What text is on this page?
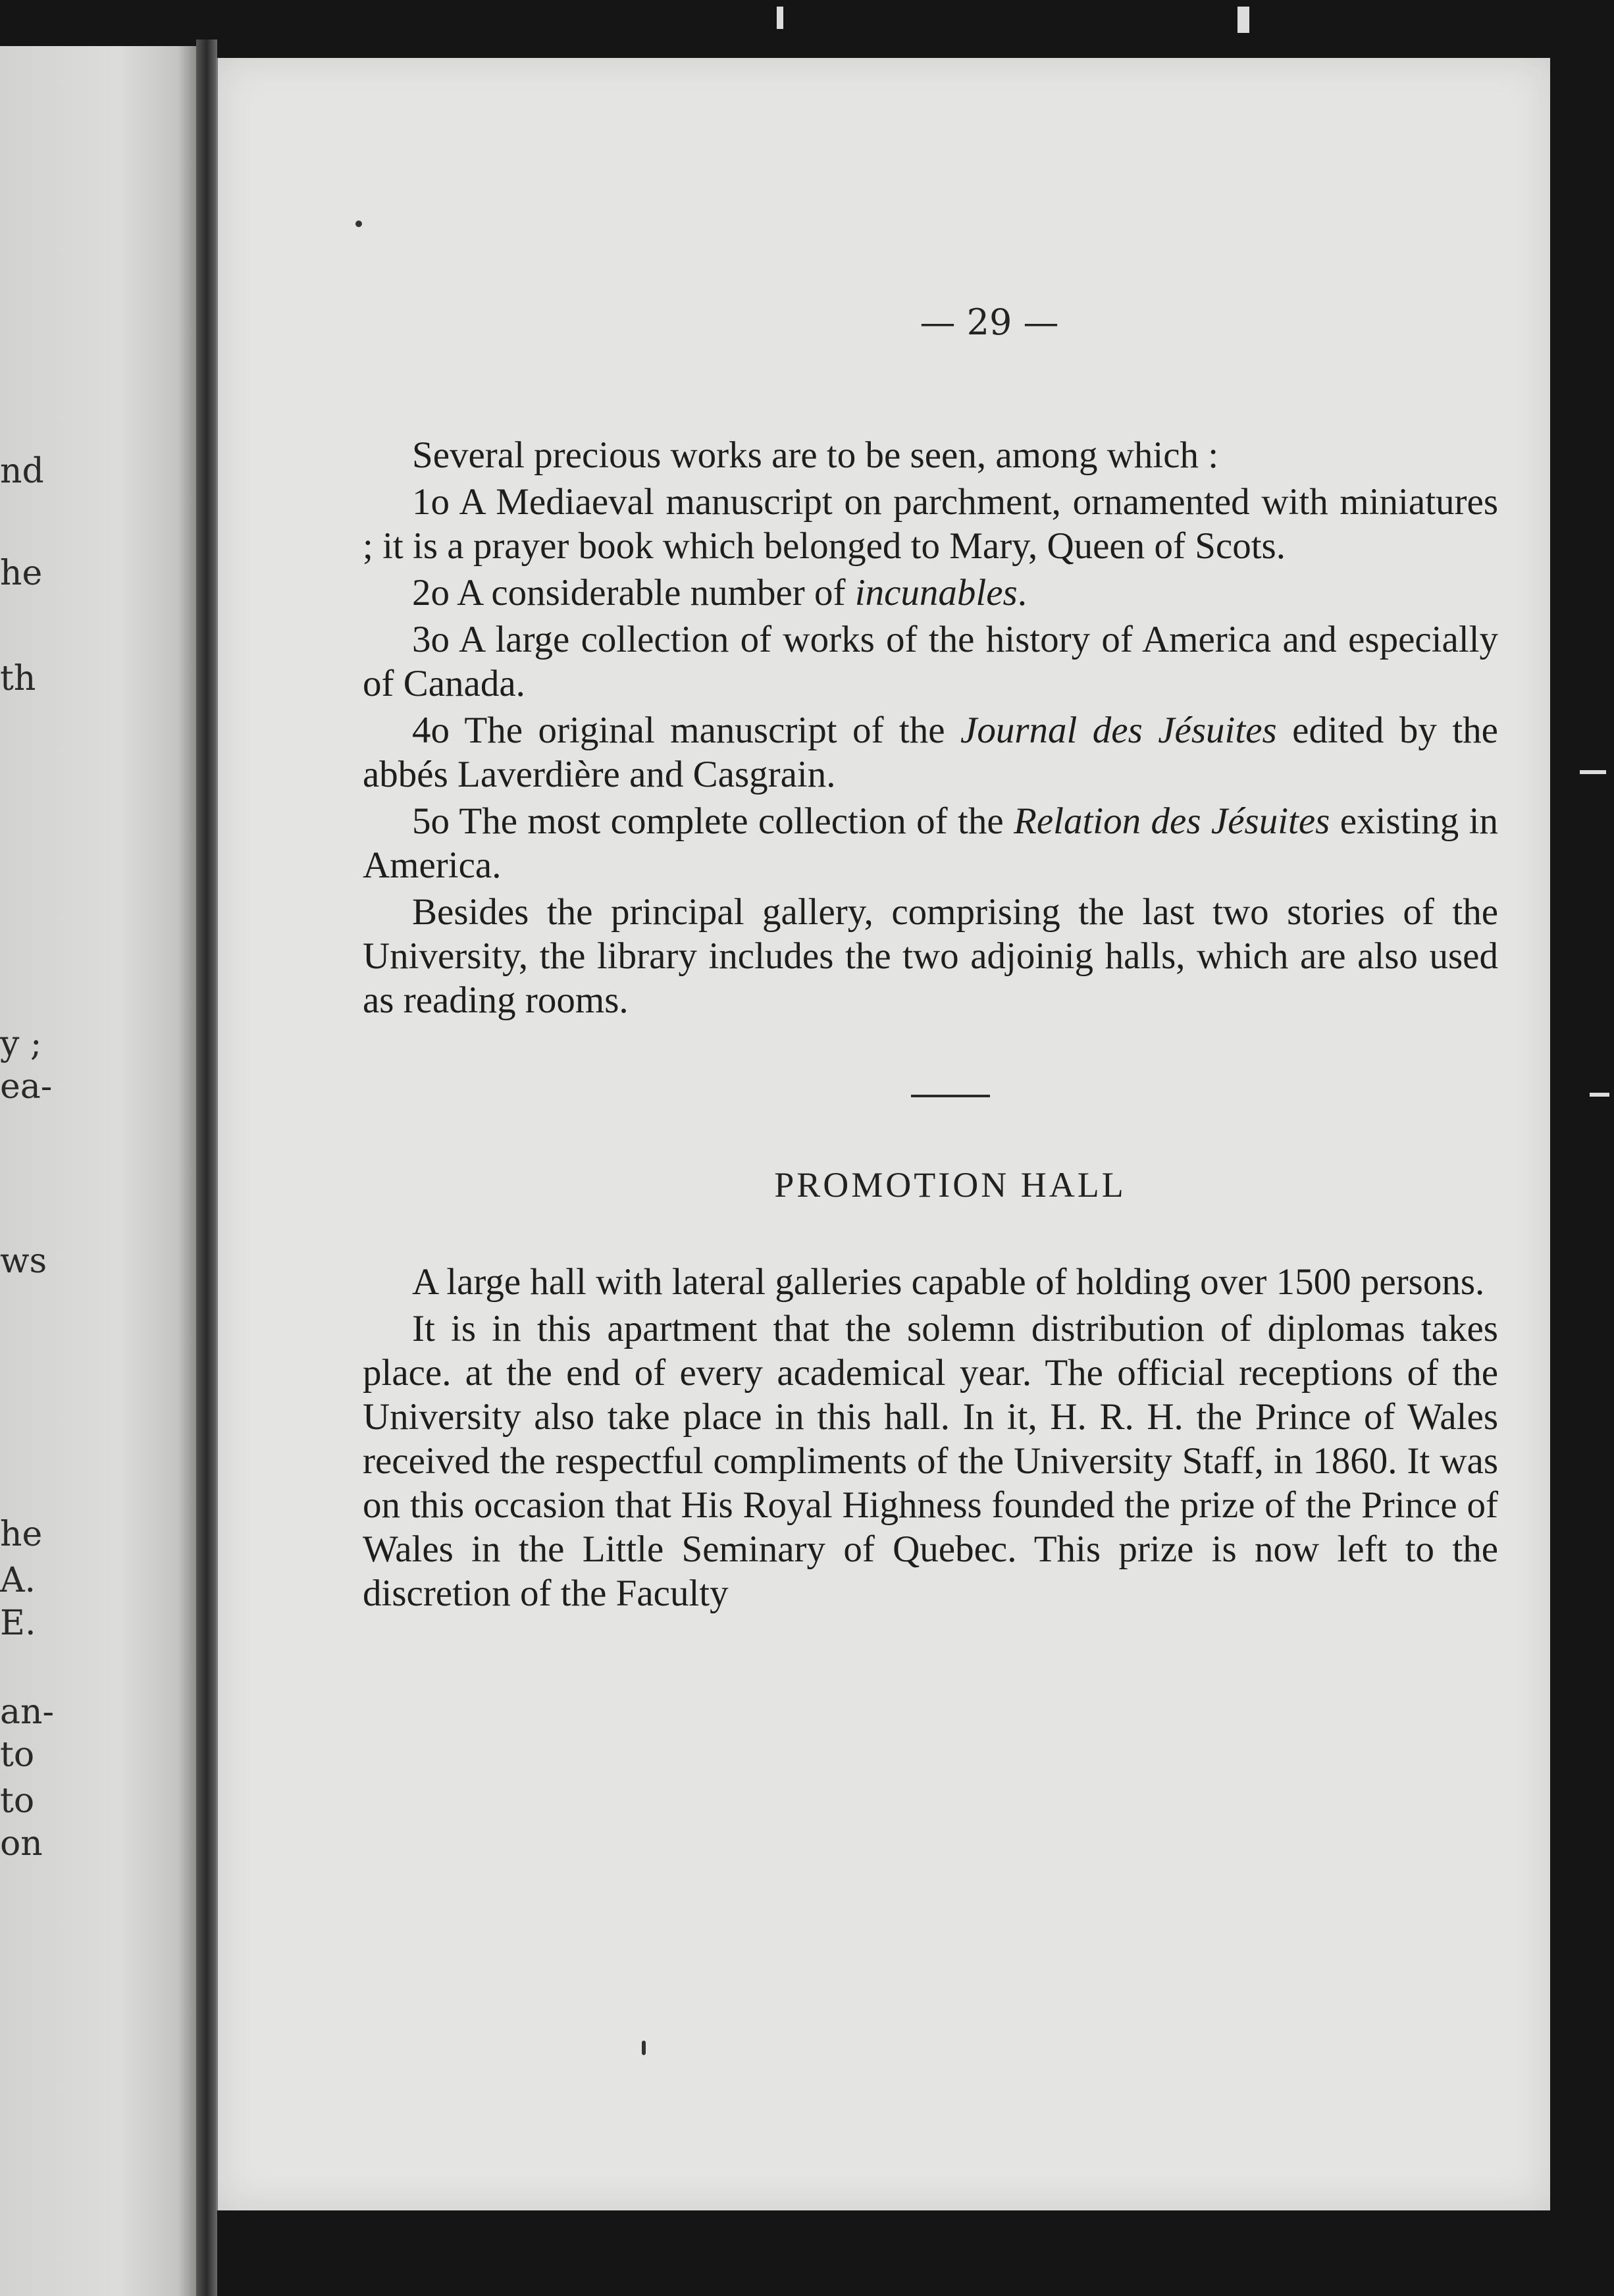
nd
he
th
y ;
ea-
ws
he
A.
E.
an-
to
to
on
— 29 —

Several precious works are to be seen, among which :

1o A Mediaeval manuscript on parchment, ornamented with miniatures ; it is a prayer book which belonged to Mary, Queen of Scots.

2o A considerable number of incunables.

3o A large collection of works of the history of America and especially of Canada.

4o The original manuscript of the Journal des Jésuites edited by the abbés Laverdière and Casgrain.

5o The most complete collection of the Relation des Jésuites existing in America.

Besides the principal gallery, comprising the last two stories of the University, the library includes the two adjoinig halls, which are also used as reading rooms.

PROMOTION HALL

A large hall with lateral galleries capable of holding over 1500 persons.

It is in this apartment that the solemn distribution of diplomas takes place. at the end of every academical year. The official receptions of the University also take place in this hall. In it, H. R. H. the Prince of Wales received the respectful compliments of the University Staff, in 1860. It was on this occasion that His Royal Highness founded the prize of the Prince of Wales in the Little Seminary of Quebec. This prize is now left to the discretion of the Faculty
